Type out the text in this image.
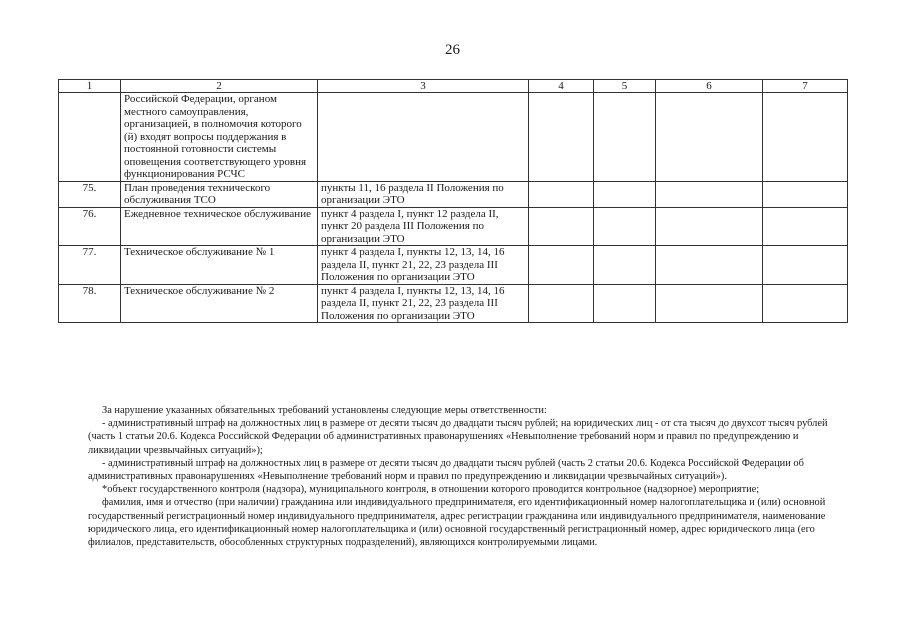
26
1	2	3	4	5	6	7
	Российской Федерации, органом местного самоуправления, организацией, в полномочия которого (й) входят вопросы поддержания в постоянной готовности системы оповещения соответствующего уровня функционирования РСЧС					
75.	План проведения технического обслуживания ТСО	пункты 11, 16 раздела II Положения по организации ЭТО				
76.	Ежедневное техническое обслуживание	пункт 4 раздела I, пункт 12 раздела II, пункт 20 раздела III Положения по организации ЭТО				
77.	Техническое обслуживание № 1	пункт 4 раздела I, пункты 12, 13, 14, 16 раздела II, пункт 21, 22, 23 раздела III Положения по организации ЭТО				
78.	Техническое обслуживание № 2	пункт 4 раздела I, пункты 12, 13, 14, 16 раздела II, пункт 21, 22, 23 раздела III Положения по организации ЭТО				

За нарушение указанных обязательных требований установлены следующие меры ответственности:

- административный штраф на должностных лиц в размере от десяти тысяч до двадцати тысяч рублей; на юридических лиц - от ста тысяч до двухсот тысяч рублей (часть 1 статьи 20.6. Кодекса Российской Федерации об административных правонарушениях «Невыполнение требований норм и правил по предупреждению и ликвидации чрезвычайных ситуаций»);

- административный штраф на должностных лиц в размере от десяти тысяч до двадцати тысяч рублей (часть 2 статьи 20.6. Кодекса Российской Федерации об административных правонарушениях «Невыполнение требований норм и правил по предупреждению и ликвидации чрезвычайных ситуаций»).

*объект государственного контроля (надзора), муниципального контроля, в отношении которого проводится контрольное (надзорное) мероприятие;

фамилия, имя и отчество (при наличии) гражданина или индивидуального предпринимателя, его идентификационный номер налогоплательщика и (или) основной государственный регистрационный номер индивидуального предпринимателя, адрес регистрации гражданина или индивидуального предпринимателя, наименование юридического лица, его идентификационный номер налогоплательщика и (или) основной государственный регистрационный номер, адрес юридического лица (его филиалов, представительств, обособленных структурных подразделений), являющихся контролируемыми лицами.
